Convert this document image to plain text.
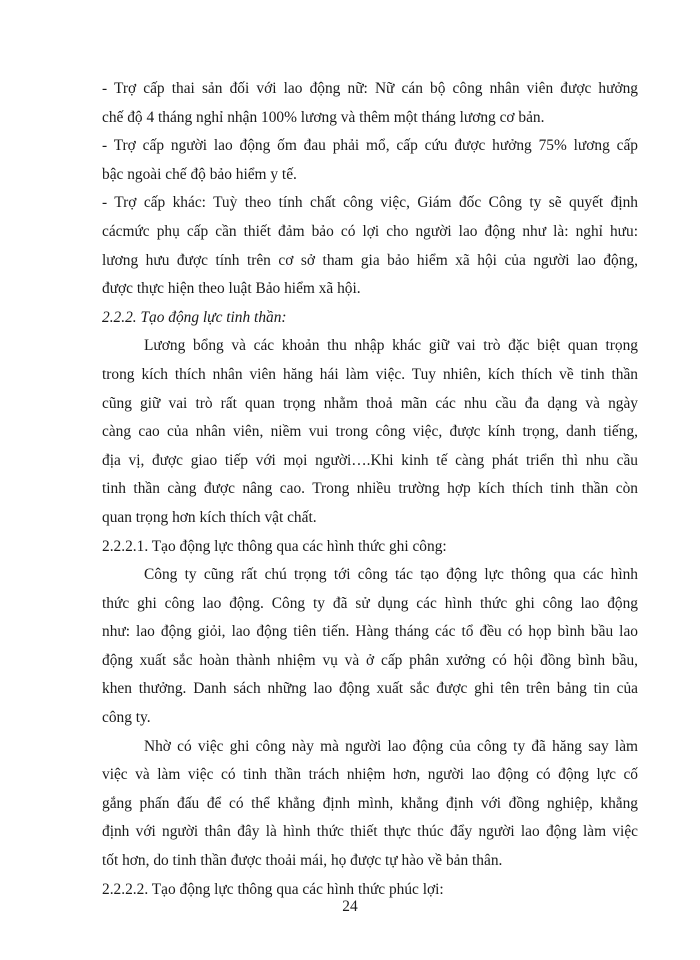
- Trợ cấp thai sản đối với lao động nữ: Nữ cán bộ công nhân viên được hưởng
chế độ 4 tháng nghỉ nhận 100% lương và thêm một tháng lương cơ bản.
- Trợ cấp người lao động ốm đau phải mổ, cấp cứu được hưởng 75% lương cấp
bậc ngoài chế độ bảo hiểm y tế.
- Trợ cấp khác: Tuỳ theo tính chất công việc, Giám đốc Công ty sẽ quyết định
cácmức phụ cấp cần thiết đảm bảo có lợi cho người lao động như là: nghỉ hưu:
lương hưu được tính trên cơ sở tham gia bảo hiểm xã hội của người lao động,
được thực hiện theo luật Bảo hiểm xã hội.
2.2.2. Tạo động lực tinh thần:
Lương bổng và các khoản thu nhập khác giữ vai trò đặc biệt quan trọng
trong kích thích nhân viên hăng hái làm việc. Tuy nhiên, kích thích về tinh thần
cũng giữ vai trò rất quan trọng nhằm thoả mãn các nhu cầu đa dạng và ngày
càng cao của nhân viên, niềm vui trong công việc, được kính trọng, danh tiếng,
địa vị, được giao tiếp với mọi người….Khi kinh tế càng phát triển thì nhu cầu
tinh thần càng được nâng cao. Trong nhiều trường hợp kích thích tinh thần còn
quan trọng hơn kích thích vật chất.
2.2.2.1. Tạo động lực thông qua các hình thức ghi công:
Công ty cũng rất chú trọng tới công tác tạo động lực thông qua các hình
thức ghi công lao động. Công ty đã sử dụng các hình thức ghi công lao động
như: lao động giỏi, lao động tiên tiến. Hàng tháng các tổ đều có họp bình bầu lao
động xuất sắc hoàn thành nhiệm vụ và ở cấp phân xưởng có hội đồng bình bầu,
khen thưởng. Danh sách những lao động xuất sắc được ghi tên trên bảng tin của
công ty.
Nhờ có việc ghi công này mà người lao động của công ty đã hăng say làm
việc và làm việc có tinh thần trách nhiệm hơn, người lao động có động lực cố
gắng phấn đấu để có thể khẳng định mình, khẳng định với đồng nghiệp, khẳng
định với người thân đây là hình thức thiết thực thúc đẩy người lao động làm việc
tốt hơn, do tinh thần được thoải mái, họ được tự hào về bản thân.
2.2.2.2. Tạo động lực thông qua các hình thức phúc lợi:
24
